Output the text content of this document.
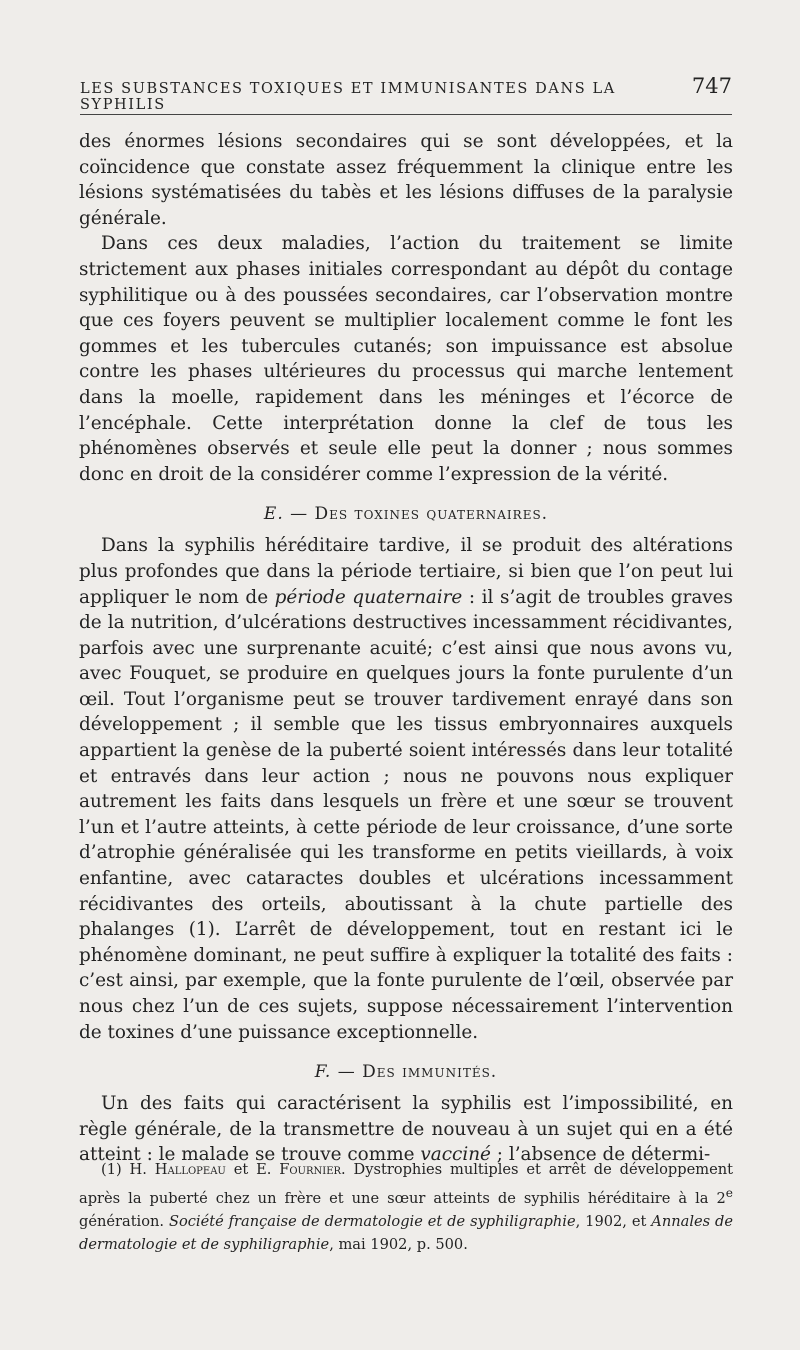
LES SUBSTANCES TOXIQUES ET IMMUNISANTES DANS LA SYPHILIS
747

des énormes lésions secondaires qui se sont développées, et la coïncidence que constate assez fréquemment la clinique entre les lésions systématisées du tabès et les lésions diffuses de la paralysie générale.

Dans ces deux maladies, l’action du traitement se limite strictement aux phases initiales correspondant au dépôt du contage syphilitique ou à des poussées secondaires, car l’observation montre que ces foyers peuvent se multiplier localement comme le font les gommes et les tubercules cutanés; son impuissance est absolue contre les phases ultérieures du processus qui marche lentement dans la moelle, rapidement dans les méninges et l’écorce de l’encéphale. Cette interprétation donne la clef de tous les phénomènes observés et seule elle peut la donner ; nous sommes donc en droit de la considérer comme l’expression de la vérité.

E. — Des toxines quaternaires.

Dans la syphilis héréditaire tardive, il se produit des altérations plus profondes que dans la période tertiaire, si bien que l’on peut lui appliquer le nom de période quaternaire : il s’agit de troubles graves de la nutrition, d’ulcérations destructives incessamment récidivantes, parfois avec une surprenante acuité; c’est ainsi que nous avons vu, avec Fouquet, se produire en quelques jours la fonte purulente d’un œil. Tout l’organisme peut se trouver tardivement enrayé dans son développement ; il semble que les tissus embryonnaires auxquels appartient la genèse de la puberté soient intéressés dans leur totalité et entravés dans leur action ; nous ne pouvons nous expliquer autrement les faits dans lesquels un frère et une sœur se trouvent l’un et l’autre atteints, à cette période de leur croissance, d’une sorte d’atrophie généralisée qui les transforme en petits vieillards, à voix enfantine, avec cataractes doubles et ulcérations incessamment récidivantes des orteils, aboutissant à la chute partielle des phalanges (1). L’arrêt de développement, tout en restant ici le phénomène dominant, ne peut suffire à expliquer la totalité des faits : c’est ainsi, par exemple, que la fonte purulente de l’œil, observée par nous chez l’un de ces sujets, suppose nécessairement l’intervention de toxines d’une puissance exceptionnelle.

F. — Des immunités.

Un des faits qui caractérisent la syphilis est l’impossibilité, en règle générale, de la transmettre de nouveau à un sujet qui en a été atteint : le malade se trouve comme vacciné ; l’absence de détermi-

(1) H. Hallopeau et E. Fournier. Dystrophies multiples et arrêt de développement après la puberté chez un frère et une sœur atteints de syphilis héréditaire à la 2e génération. Société française de dermatologie et de syphiligraphie, 1902, et Annales de dermatologie et de syphiligraphie, mai 1902, p. 500.
